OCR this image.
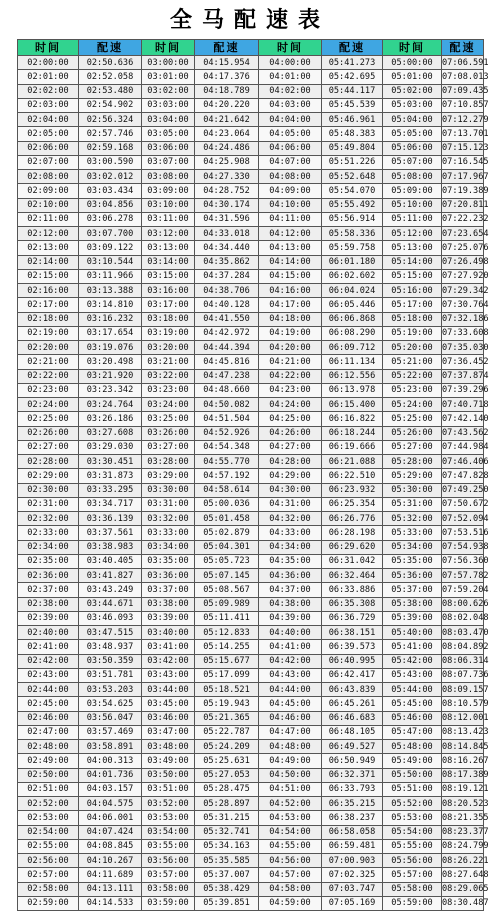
全马配速表
时间	配速	时间	配速	时间	配速	时间	配速
02:00:00	02:50.636	03:00:00	04:15.954	04:00:00	05:41.273	05:00:00	07:06.591
02:01:00	02:52.058	03:01:00	04:17.376	04:01:00	05:42.695	05:01:00	07:08.013
02:02:00	02:53.480	03:02:00	04:18.789	04:02:00	05:44.117	05:02:00	07:09.435
02:03:00	02:54.902	03:03:00	04:20.220	04:03:00	05:45.539	05:03:00	07:10.857
02:04:00	02:56.324	03:04:00	04:21.642	04:04:00	05:46.961	05:04:00	07:12.279
02:05:00	02:57.746	03:05:00	04:23.064	04:05:00	05:48.383	05:05:00	07:13.701
02:06:00	02:59.168	03:06:00	04:24.486	04:06:00	05:49.804	05:06:00	07:15.123
02:07:00	03:00.590	03:07:00	04:25.908	04:07:00	05:51.226	05:07:00	07:16.545
02:08:00	03:02.012	03:08:00	04:27.330	04:08:00	05:52.648	05:08:00	07:17.967
02:09:00	03:03.434	03:09:00	04:28.752	04:09:00	05:54.070	05:09:00	07:19.389
02:10:00	03:04.856	03:10:00	04:30.174	04:10:00	05:55.492	05:10:00	07:20.811
02:11:00	03:06.278	03:11:00	04:31.596	04:11:00	05:56.914	05:11:00	07:22.232
02:12:00	03:07.700	03:12:00	04:33.018	04:12:00	05:58.336	05:12:00	07:23.654
02:13:00	03:09.122	03:13:00	04:34.440	04:13:00	05:59.758	05:13:00	07:25.076
02:14:00	03:10.544	03:14:00	04:35.862	04:14:00	06:01.180	05:14:00	07:26.498
02:15:00	03:11.966	03:15:00	04:37.284	04:15:00	06:02.602	05:15:00	07:27.920
02:16:00	03:13.388	03:16:00	04:38.706	04:16:00	06:04.024	05:16:00	07:29.342
02:17:00	03:14.810	03:17:00	04:40.128	04:17:00	06:05.446	05:17:00	07:30.764
02:18:00	03:16.232	03:18:00	04:41.550	04:18:00	06:06.868	05:18:00	07:32.186
02:19:00	03:17.654	03:19:00	04:42.972	04:19:00	06:08.290	05:19:00	07:33.608
02:20:00	03:19.076	03:20:00	04:44.394	04:20:00	06:09.712	05:20:00	07:35.030
02:21:00	03:20.498	03:21:00	04:45.816	04:21:00	06:11.134	05:21:00	07:36.452
02:22:00	03:21.920	03:22:00	04:47.238	04:22:00	06:12.556	05:22:00	07:37.874
02:23:00	03:23.342	03:23:00	04:48.660	04:23:00	06:13.978	05:23:00	07:39.296
02:24:00	03:24.764	03:24:00	04:50.082	04:24:00	06:15.400	05:24:00	07:40.718
02:25:00	03:26.186	03:25:00	04:51.504	04:25:00	06:16.822	05:25:00	07:42.140
02:26:00	03:27.608	03:26:00	04:52.926	04:26:00	06:18.244	05:26:00	07:43.562
02:27:00	03:29.030	03:27:00	04:54.348	04:27:00	06:19.666	05:27:00	07:44.984
02:28:00	03:30.451	03:28:00	04:55.770	04:28:00	06:21.088	05:28:00	07:46.406
02:29:00	03:31.873	03:29:00	04:57.192	04:29:00	06:22.510	05:29:00	07:47.828
02:30:00	03:33.295	03:30:00	04:58.614	04:30:00	06:23.932	05:30:00	07:49.250
02:31:00	03:34.717	03:31:00	05:00.036	04:31:00	06:25.354	05:31:00	07:50.672
02:32:00	03:36.139	03:32:00	05:01.458	04:32:00	06:26.776	05:32:00	07:52.094
02:33:00	03:37.561	03:33:00	05:02.879	04:33:00	06:28.198	05:33:00	07:53.516
02:34:00	03:38.983	03:34:00	05:04.301	04:34:00	06:29.620	05:34:00	07:54.938
02:35:00	03:40.405	03:35:00	05:05.723	04:35:00	06:31.042	05:35:00	07:56.360
02:36:00	03:41.827	03:36:00	05:07.145	04:36:00	06:32.464	05:36:00	07:57.782
02:37:00	03:43.249	03:37:00	05:08.567	04:37:00	06:33.886	05:37:00	07:59.204
02:38:00	03:44.671	03:38:00	05:09.989	04:38:00	06:35.308	05:38:00	08:00.626
02:39:00	03:46.093	03:39:00	05:11.411	04:39:00	06:36.729	05:39:00	08:02.048
02:40:00	03:47.515	03:40:00	05:12.833	04:40:00	06:38.151	05:40:00	08:03.470
02:41:00	03:48.937	03:41:00	05:14.255	04:41:00	06:39.573	05:41:00	08:04.892
02:42:00	03:50.359	03:42:00	05:15.677	04:42:00	06:40.995	05:42:00	08:06.314
02:43:00	03:51.781	03:43:00	05:17.099	04:43:00	06:42.417	05:43:00	08:07.736
02:44:00	03:53.203	03:44:00	05:18.521	04:44:00	06:43.839	05:44:00	08:09.157
02:45:00	03:54.625	03:45:00	05:19.943	04:45:00	06:45.261	05:45:00	08:10.579
02:46:00	03:56.047	03:46:00	05:21.365	04:46:00	06:46.683	05:46:00	08:12.001
02:47:00	03:57.469	03:47:00	05:22.787	04:47:00	06:48.105	05:47:00	08:13.423
02:48:00	03:58.891	03:48:00	05:24.209	04:48:00	06:49.527	05:48:00	08:14.845
02:49:00	04:00.313	03:49:00	05:25.631	04:49:00	06:50.949	05:49:00	08:16.267
02:50:00	04:01.736	03:50:00	05:27.053	04:50:00	06:32.371	05:50:00	08:17.389
02:51:00	04:03.157	03:51:00	05:28.475	04:51:00	06:33.793	05:51:00	08:19.121
02:52:00	04:04.575	03:52:00	05:28.897	04:52:00	06:35.215	05:52:00	08:20.523
02:53:00	04:06.001	03:53:00	05:31.215	04:53:00	06:38.237	05:53:00	08:21.355
02:54:00	04:07.424	03:54:00	05:32.741	04:54:00	06:58.058	05:54:00	08:23.377
02:55:00	04:08.845	03:55:00	05:34.163	04:55:00	06:59.481	05:55:00	08:24.799
02:56:00	04:10.267	03:56:00	05:35.585	04:56:00	07:00.903	05:56:00	08:26.221
02:57:00	04:11.689	03:57:00	05:37.007	04:57:00	07:02.325	05:57:00	08:27.648
02:58:00	04:13.111	03:58:00	05:38.429	04:58:00	07:03.747	05:58:00	08:29.065
02:59:00	04:14.533	03:59:00	05:39.851	04:59:00	07:05.169	05:59:00	08:30.487
